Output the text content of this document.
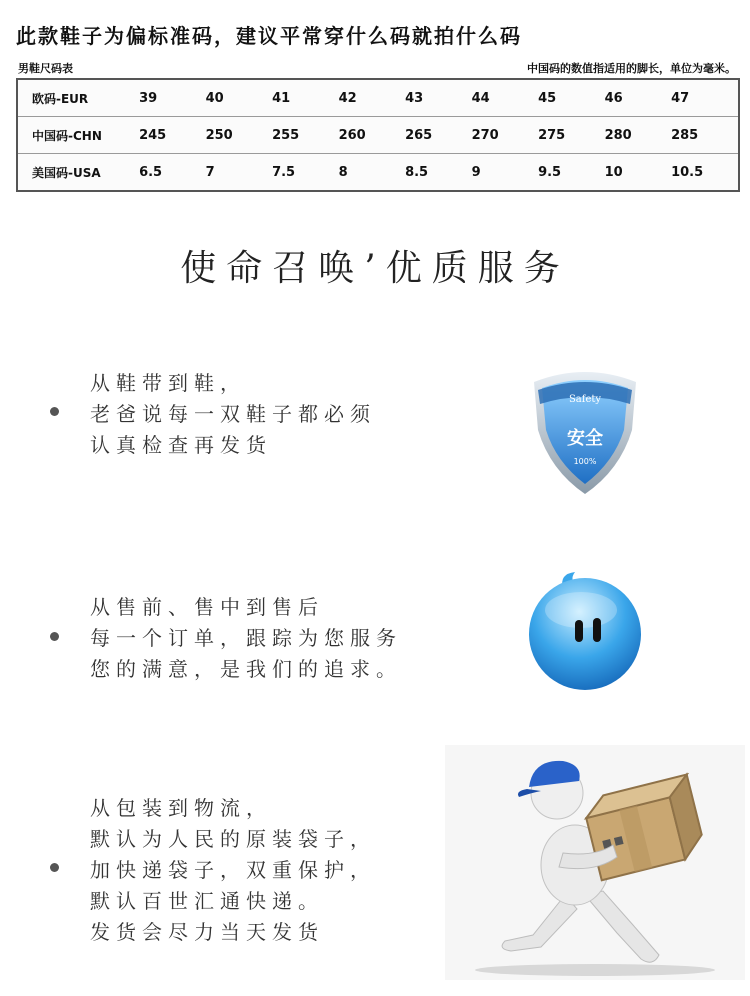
此款鞋子为偏标准码，建议平常穿什么码就拍什么码
男鞋尺码表	中国码的数值指适用的脚长，单位为毫米。
欧码-EUR	39	40	41	42	43	44	45	46	47
中国码-CHN	245	250	255	260	265	270	275	280	285
美国码-USA	6.5	7	7.5	8	8.5	9	9.5	10	10.5
使命召唤’优质服务
从鞋带到鞋，
老爸说每一双鞋子都必须
认真检查再发货
Safety
安全
100%
从售前、售中到售后
每一个订单，跟踪为您服务
您的满意，是我们的追求。
从包装到物流，
默认为人民的原装袋子，
加快递袋子，双重保护，
默认百世汇通快递。
发货会尽力当天发货
